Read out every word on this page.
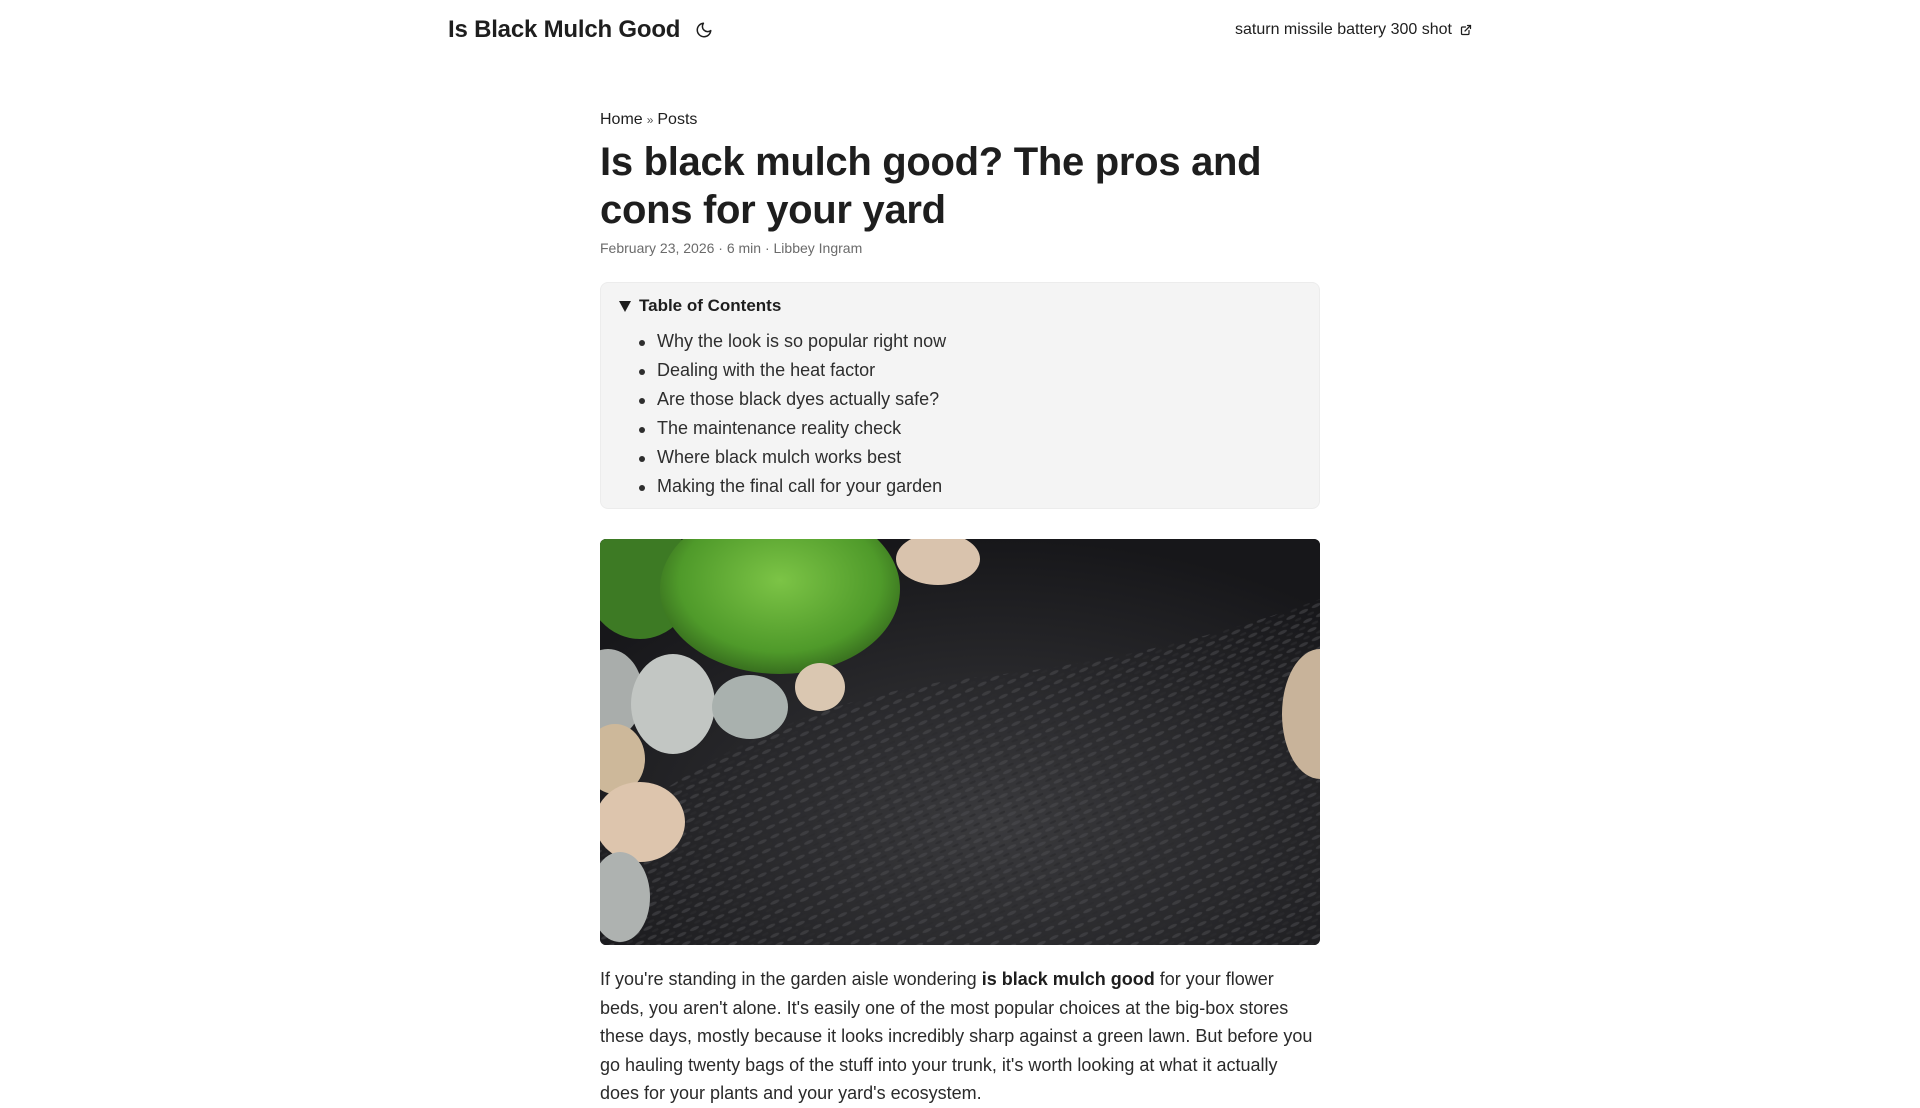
Is Black Mulch Good	saturn missile battery 300 shot
Home » Posts
Is black mulch good? The pros and cons for your yard
February 23, 2026 · 6 min · Libbey Ingram
Table of Contents
Why the look is so popular right now
Dealing with the heat factor
Are those black dyes actually safe?
The maintenance reality check
Where black mulch works best
Making the final call for your garden

If you're standing in the garden aisle wondering is black mulch good for your flower beds, you aren't alone. It's easily one of the most popular choices at the big-box stores these days, mostly because it looks incredibly sharp against a green lawn. But before you go hauling twenty bags of the stuff into your trunk, it's worth looking at what it actually does for your plants and your yard's ecosystem.
